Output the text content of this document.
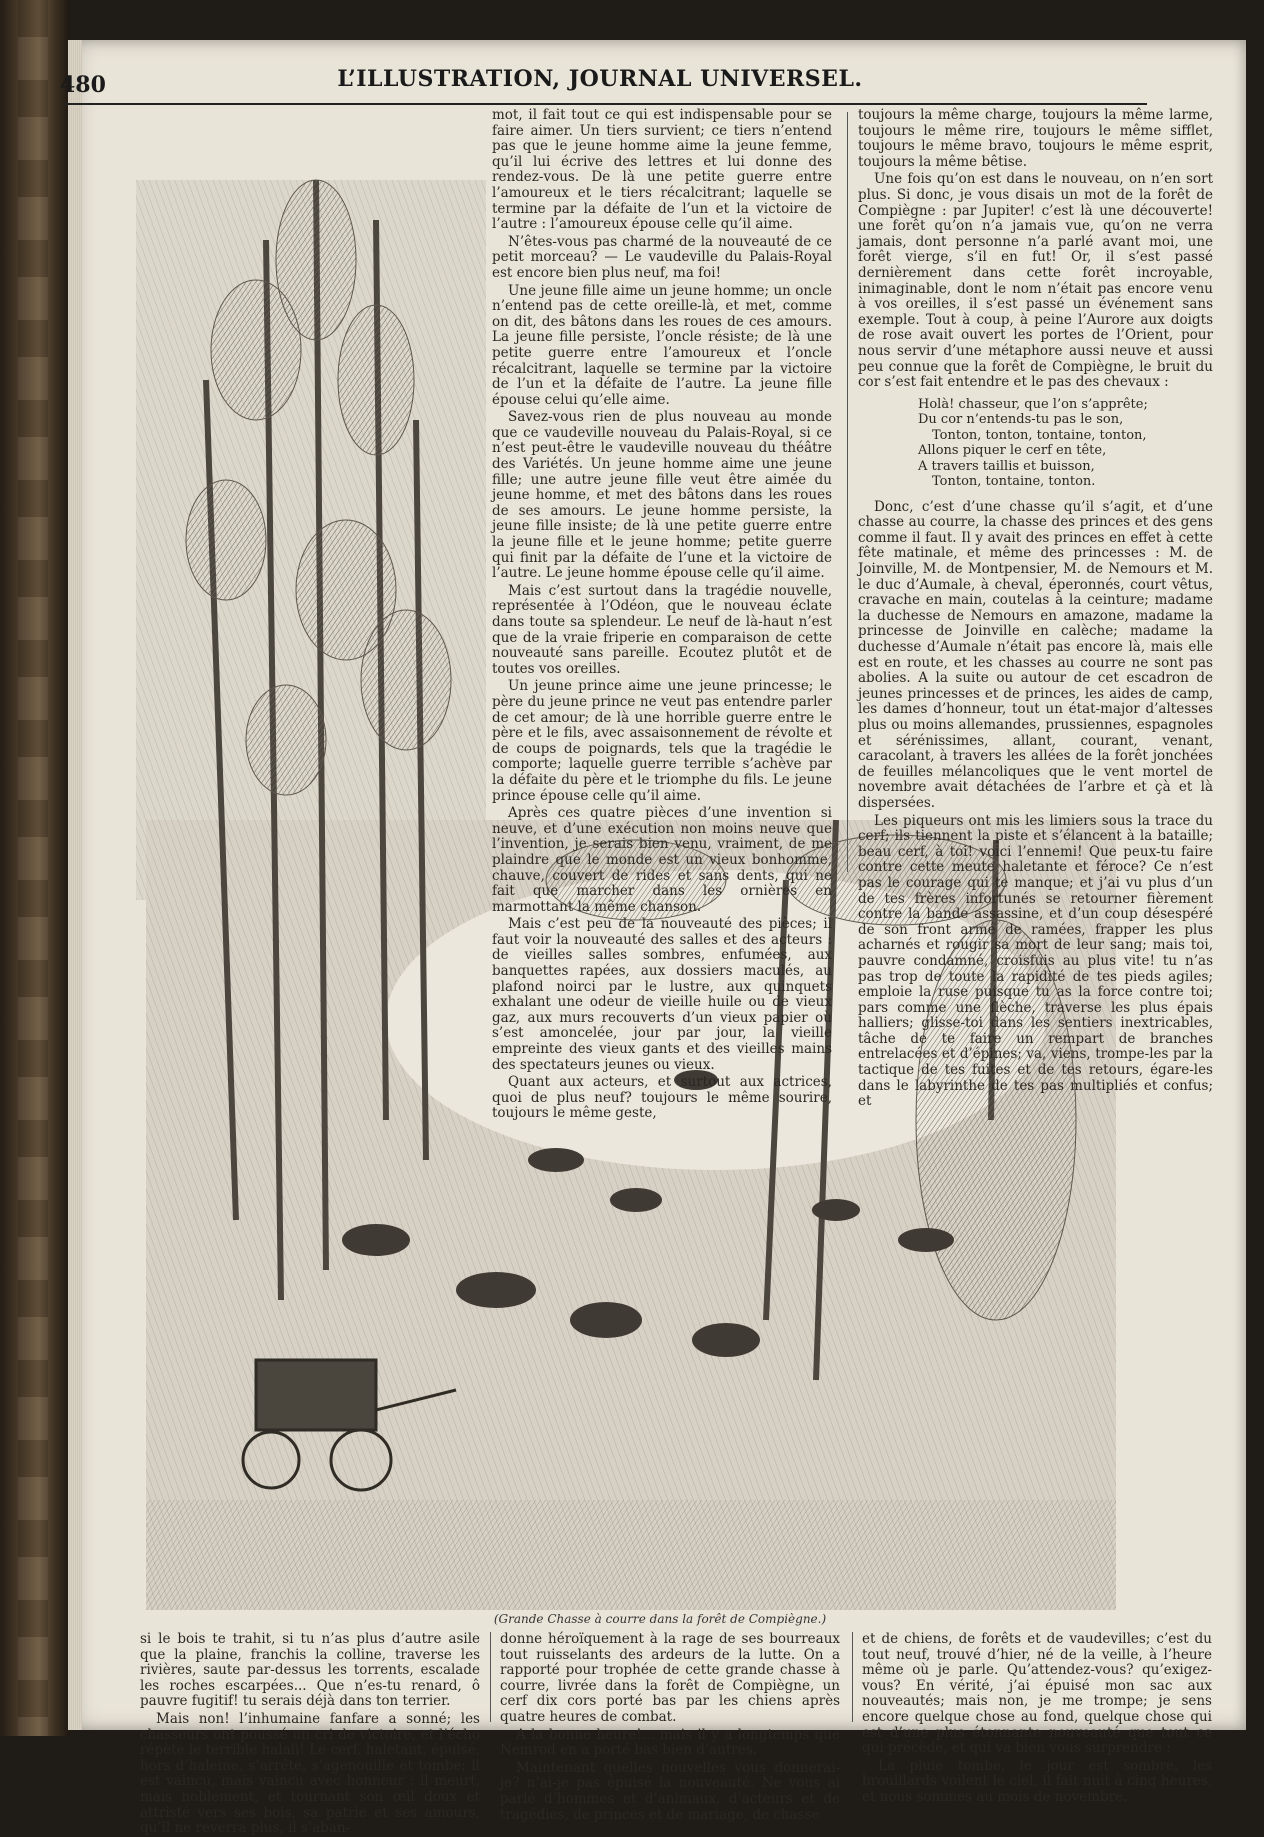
480	L’ILLUSTRATION, JOURNAL UNIVERSEL.

mot, il fait tout ce qui est indispensable pour se faire aimer. Un tiers survient; ce tiers n’entend pas que le jeune homme aime la jeune femme, qu’il lui écrive des lettres et lui donne des rendez-vous. De là une petite guerre entre l’amoureux et le tiers récalcitrant; laquelle se termine par la défaite de l’un et la victoire de l’autre : l’amoureux épouse celle qu’il aime.

N’êtes-vous pas charmé de la nouveauté de ce petit morceau? — Le vaudeville du Palais-Royal est encore bien plus neuf, ma foi!

Une jeune fille aime un jeune homme; un oncle n’entend pas de cette oreille-là, et met, comme on dit, des bâtons dans les roues de ces amours. La jeune fille persiste, l’oncle résiste; de là une petite guerre entre l’amoureux et l’oncle récalcitrant, laquelle se termine par la victoire de l’un et la défaite de l’autre. La jeune fille épouse celui qu’elle aime.

Savez-vous rien de plus nouveau au monde que ce vaudeville nouveau du Palais-Royal, si ce n’est peut-être le vaudeville nouveau du théâtre des Variétés. Un jeune homme aime une jeune fille; une autre jeune fille veut être aimée du jeune homme, et met des bâtons dans les roues de ses amours. Le jeune homme persiste, la jeune fille insiste; de là une petite guerre entre la jeune fille et le jeune homme; petite guerre qui finit par la défaite de l’une et la victoire de l’autre. Le jeune homme épouse celle qu’il aime.

Mais c’est surtout dans la tragédie nouvelle, représentée à l’Odéon, que le nouveau éclate dans toute sa splendeur. Le neuf de là-haut n’est que de la vraie friperie en comparaison de cette nouveauté sans pareille. Ecoutez plutôt et de toutes vos oreilles.

Un jeune prince aime une jeune princesse; le père du jeune prince ne veut pas entendre parler de cet amour; de là une horrible guerre entre le père et le fils, avec assaisonnement de révolte et de coups de poignards, tels que la tragédie le comporte; laquelle guerre terrible s’achève par la défaite du père et le triomphe du fils. Le jeune prince épouse celle qu’il aime.

Après ces quatre pièces d’une invention si neuve, et d’une exécution non moins neuve que l’invention, je serais bien venu, vraiment, de me plaindre que le monde est un vieux bonhomme, chauve, couvert de rides et sans dents, qui ne fait que marcher dans les ornières en marmottant la même chanson.

Mais c’est peu de la nouveauté des pièces; il faut voir la nouveauté des salles et des acteurs : de vieilles salles sombres, enfumées, aux banquettes rapées, aux dossiers maculés, au plafond noirci par le lustre, aux quinquets exhalant une odeur de vieille huile ou de vieux gaz, aux murs recouverts d’un vieux papier où s’est amoncelée, jour par jour, la vieille empreinte des vieux gants et des vieilles mains des spectateurs jeunes ou vieux.

Quant aux acteurs, et surtout aux actrices, quoi de plus neuf? toujours le même sourire, toujours le même geste,

toujours la même charge, toujours la même larme, toujours le même rire, toujours le même sifflet, toujours le même bravo, toujours le même esprit, toujours la même bêtise.

Une fois qu’on est dans le nouveau, on n’en sort plus. Si donc, je vous disais un mot de la forêt de Compiègne : par Jupiter! c’est là une découverte! une forêt qu’on n’a jamais vue, qu’on ne verra jamais, dont personne n’a parlé avant moi, une forêt vierge, s’il en fut! Or, il s’est passé dernièrement dans cette forêt incroyable, inimaginable, dont le nom n’était pas encore venu à vos oreilles, il s’est passé un événement sans exemple. Tout à coup, à peine l’Aurore aux doigts de rose avait ouvert les portes de l’Orient, pour nous servir d’une métaphore aussi neuve et aussi peu connue que la forêt de Compiègne, le bruit du cor s’est fait entendre et le pas des chevaux :

Holà! chasseur, que l’on s’apprête;
Du cor n’entends-tu pas le son,
Tonton, tonton, tontaine, tonton,
Allons piquer le cerf en tête,
A travers taillis et buisson,
Tonton, tontaine, tonton.

Donc, c’est d’une chasse qu’il s’agit, et d’une chasse au courre, la chasse des princes et des gens comme il faut. Il y avait des princes en effet à cette fête matinale, et même des princesses : M. de Joinville, M. de Montpensier, M. de Nemours et M. le duc d’Aumale, à cheval, éperonnés, court vêtus, cravache en main, coutelas à la ceinture; madame la duchesse de Nemours en amazone, madame la princesse de Joinville en calèche; madame la duchesse d’Aumale n’était pas encore là, mais elle est en route, et les chasses au courre ne sont pas abolies. A la suite ou autour de cet escadron de jeunes princesses et de princes, les aides de camp, les dames d’honneur, tout un état-major d’altesses plus ou moins allemandes, prussiennes, espagnoles et sérénissimes, allant, courant, venant, caracolant, à travers les allées de la forêt jonchées de feuilles mélancoliques que le vent mortel de novembre avait détachées de l’arbre et çà et là dispersées.

Les piqueurs ont mis les limiers sous la trace du cerf; ils tiennent la piste et s’élancent à la bataille; beau cerf, à toi! voici l’ennemi! Que peux-tu faire contre cette meute haletante et féroce? Ce n’est pas le courage qui te manque; et j’ai vu plus d’un de tes frères infortunés se retourner fièrement contre la bande assassine, et d’un coup désespéré de son front armé de ramées, frapper les plus acharnés et rougir sa mort de leur sang; mais toi, pauvre condamné, croisfuis au plus vite! tu n’as pas trop de toute la rapidité de tes pieds agiles; emploie la ruse puisque tu as la force contre toi; pars comme une flèche, traverse les plus épais halliers; glisse-toi dans les sentiers inextricables, tâche de te faire un rempart de branches entrelacées et d’épines; va, viens, trompe-les par la tactique de tes fuites et de tes retours, égare-les dans le labyrinthe de tes pas multipliés et confus; et

(Grande Chasse à courre dans la forêt de Compiègne.)

si le bois te trahit, si tu n’as plus d’autre asile que la plaine, franchis la colline, traverse les rivières, saute par-dessus les torrents, escalade les roches escarpées... Que n’es-tu renard, ô pauvre fugitif! tu serais déjà dans ton terrier.

Mais non! l’inhumaine fanfare a sonné; les chasseurs ont poussé un cri de victoire, et l’écho répète le terrible halali! Le cerf, haletant, épuisé, hors d’haleine, s’arrête, s’agenouille et tombe; il est vaincu, mais vaincu avec honneur : il meurt, mais noblement, et tournant son œil doux et attristé vers ses bois, sa patrie et ses amours, qu’il ne reverra plus, il s’aban-

donne héroïquement à la rage de ses bourreaux tout ruisselants des ardeurs de la lutte. On a rapporté pour trophée de cette grande chasse à courre, livrée dans la forêt de Compiègne, un cerf dix cors porté bas par les chiens après quatre heures de combat.

A la bonne heure!... mais il y a longtemps que Nemrod en a porté bas bien d’autres.

Maintenant quelles nouvelles vous donnerai-je? n’ai-je pas épuisé la nouveauté. Ne vous ai parlé d’hommes et d’animaux, d’acteurs et de tragédies, de princes et de mariage, de chasse

et de chiens, de forêts et de vaudevilles; c’est du tout neuf, trouvé d’hier, né de la veille, à l’heure même où je parle. Qu’attendez-vous? qu’exigez-vous? En vérité, j’ai épuisé mon sac aux nouveautés; mais non, je me trompe; je sens encore quelque chose au fond, quelque chose qui est d’une plus étonnante nouveauté que tout ce qui précède, et qui va bien vous surprendre :

La pluie tombe, le jour est sombre, les brouillards voilent le ciel, il fait nuit à cinq heures, et nous sommes au mois de novembre.
